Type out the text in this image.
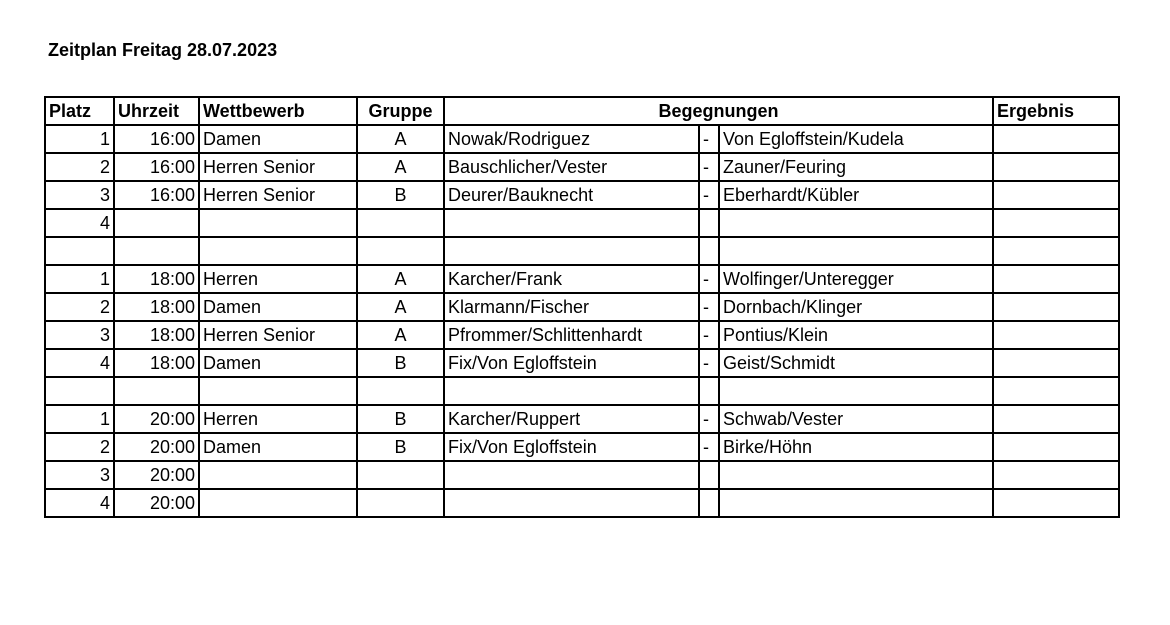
Zeitplan Freitag 28.07.2023
Platz	Uhrzeit	Wettbewerb	Gruppe	Begegnungen			Ergebnis
1	16:00	Damen	A	Nowak/Rodriguez	-	Von Egloffstein/Kudela	
2	16:00	Herren Senior	A	Bauschlicher/Vester	-	Zauner/Feuring	
3	16:00	Herren Senior	B	Deurer/Bauknecht	-	Eberhardt/Kübler	
4							

1	18:00	Herren	A	Karcher/Frank	-	Wolfinger/Unteregger	
2	18:00	Damen	A	Klarmann/Fischer	-	Dornbach/Klinger	
3	18:00	Herren Senior	A	Pfrommer/Schlittenhardt	-	Pontius/Klein	
4	18:00	Damen	B	Fix/Von Egloffstein	-	Geist/Schmidt	

1	20:00	Herren	B	Karcher/Ruppert	-	Schwab/Vester	
2	20:00	Damen	B	Fix/Von Egloffstein	-	Birke/Höhn	
3	20:00						
4	20:00						
